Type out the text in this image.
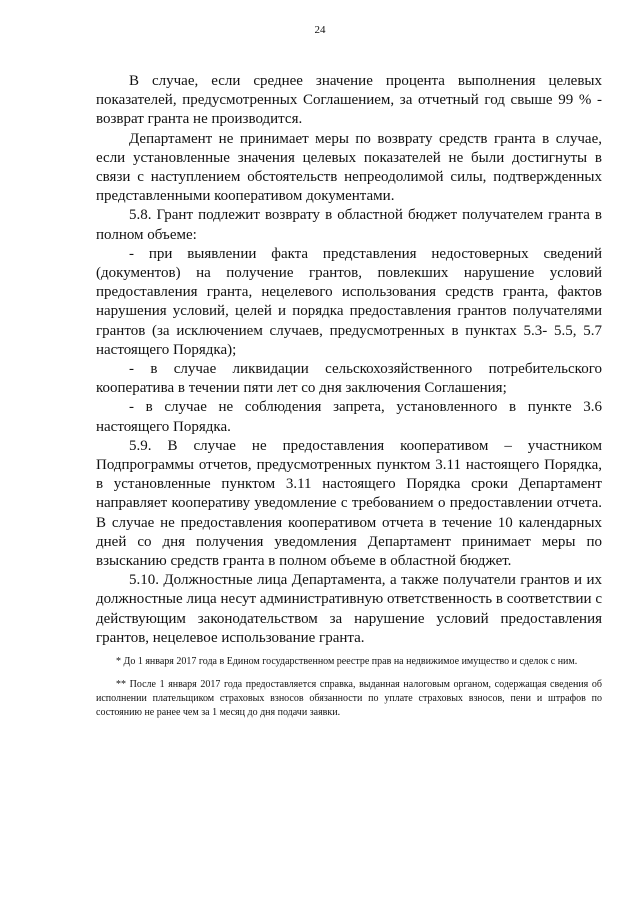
24

В случае, если среднее значение процента выполнения целевых показателей, предусмотренных Соглашением, за отчетный год свыше 99 % - возврат гранта не производится.

Департамент не принимает меры по возврату средств гранта в случае, если установленные значения целевых показателей не были достигнуты в связи с наступлением обстоятельств непреодолимой силы, подтвержденных представленными кооперативом документами.

5.8. Грант подлежит возврату в областной бюджет получателем гранта в полном объеме:

- при выявлении факта представления недостоверных сведений (документов) на получение грантов, повлекших нарушение условий предоставления гранта, нецелевого использования средств гранта, фактов нарушения условий, целей и порядка предоставления грантов получателями грантов (за исключением случаев, предусмотренных в пунктах 5.3- 5.5, 5.7 настоящего Порядка);

- в случае ликвидации сельскохозяйственного потребительского кооператива в течении пяти лет со дня заключения Соглашения;

- в случае не соблюдения запрета, установленного в пункте 3.6 настоящего Порядка.

5.9. В случае не предоставления кооперативом – участником Подпрограммы отчетов, предусмотренных пунктом 3.11 настоящего Порядка, в установленные пунктом 3.11 настоящего Порядка сроки Департамент направляет кооперативу уведомление с требованием о предоставлении отчета. В случае не предоставления кооперативом отчета в течение 10 календарных дней со дня получения уведомления Департамент принимает меры по взысканию средств гранта в полном объеме в областной бюджет.

5.10. Должностные лица Департамента, а также получатели грантов и их должностные лица несут административную ответственность в соответствии с действующим законодательством за нарушение условий предоставления грантов, нецелевое использование гранта.

* До 1 января 2017 года в Едином государственном реестре прав на недвижимое имущество и сделок с ним.

** После 1 января 2017 года предоставляется справка, выданная налоговым органом, содержащая сведения об исполнении плательщиком страховых взносов обязанности по уплате страховых взносов, пени и штрафов по состоянию не ранее чем за 1 месяц до дня подачи заявки.
